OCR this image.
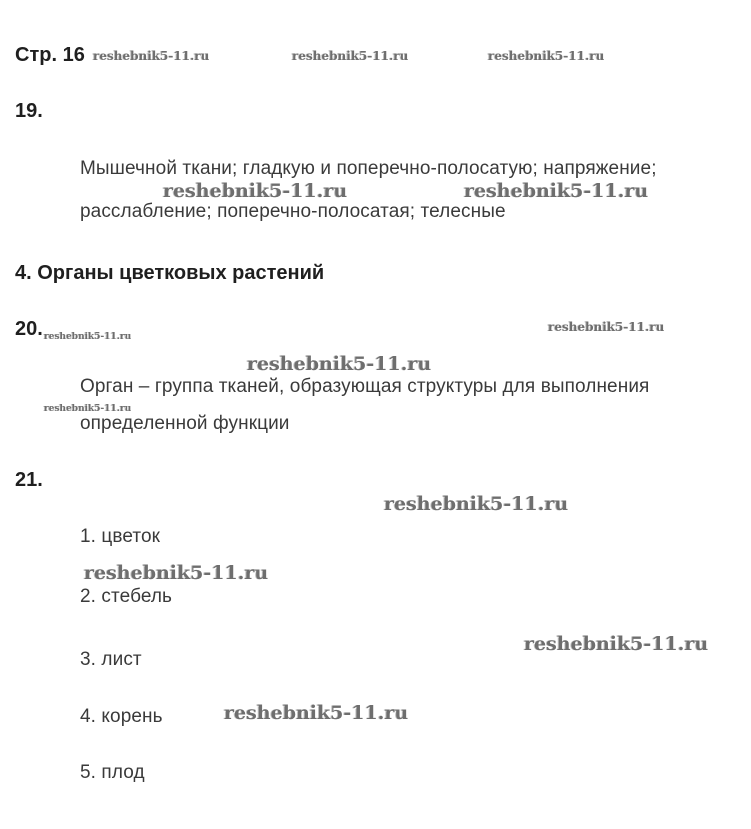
Стр. 16 reshebnik5-11.ru	reshebnik5-11.ru	reshebnik5-11.ru
19.
Мышечной ткани; гладкую и поперечно-полосатую; напряжение;
reshebnik5-11.ru	reshebnik5-11.ru
расслабление; поперечно-полосатая; телесные
4. Органы цветковых растений
20. reshebnik5-11.ru
reshebnik5-11.ru
reshebnik5-11.ru
Орган – группа тканей, образующая структуры для выполнения
reshebnik5-11.ru
определенной функции
21.
reshebnik5-11.ru
1. цветок
reshebnik5-11.ru
2. стебель
reshebnik5-11.ru
3. лист
reshebnik5-11.ru
4. корень
5. плод
